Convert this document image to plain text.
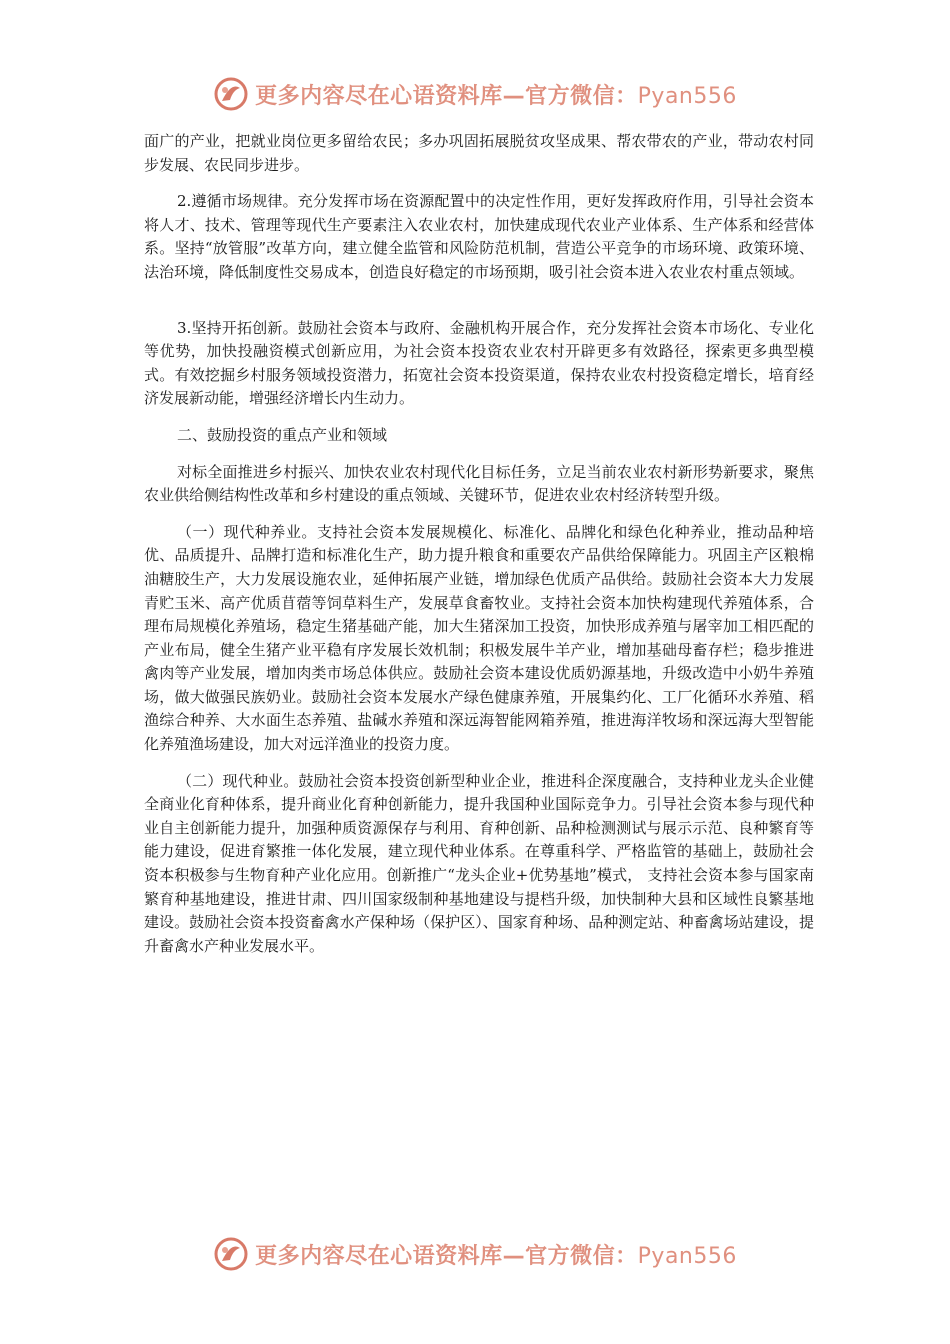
更多内容尽在心语资料库—官方微信：Pyan556

面广的产业，把就业岗位更多留给农民；多办巩固拓展脱贫攻坚成果、帮农带农的产业，带动农村同步发展、农民同步进步。

2.遵循市场规律。充分发挥市场在资源配置中的决定性作用，更好发挥政府作用，引导社会资本将人才、技术、管理等现代生产要素注入农业农村，加快建成现代农业产业体系、生产体系和经营体系。坚持“放管服”改革方向，建立健全监管和风险防范机制，营造公平竞争的市场环境、政策环境、法治环境，降低制度性交易成本，创造良好稳定的市场预期，吸引社会资本进入农业农村重点领域。

3.坚持开拓创新。鼓励社会资本与政府、金融机构开展合作，充分发挥社会资本市场化、专业化等优势，加快投融资模式创新应用，为社会资本投资农业农村开辟更多有效路径，探索更多典型模式。有效挖掘乡村服务领域投资潜力，拓宽社会资本投资渠道，保持农业农村投资稳定增长，培育经济发展新动能，增强经济增长内生动力。

二、鼓励投资的重点产业和领域

对标全面推进乡村振兴、加快农业农村现代化目标任务，立足当前农业农村新形势新要求，聚焦农业供给侧结构性改革和乡村建设的重点领域、关键环节，促进农业农村经济转型升级。

（一）现代种养业。支持社会资本发展规模化、标准化、品牌化和绿色化种养业，推动品种培优、品质提升、品牌打造和标准化生产，助力提升粮食和重要农产品供给保障能力。巩固主产区粮棉油糖胶生产，大力发展设施农业，延伸拓展产业链，增加绿色优质产品供给。鼓励社会资本大力发展青贮玉米、高产优质苜蓿等饲草料生产，发展草食畜牧业。支持社会资本加快构建现代养殖体系，合理布局规模化养殖场，稳定生猪基础产能，加大生猪深加工投资，加快形成养殖与屠宰加工相匹配的产业布局，健全生猪产业平稳有序发展长效机制；积极发展牛羊产业，增加基础母畜存栏；稳步推进禽肉等产业发展，增加肉类市场总体供应。鼓励社会资本建设优质奶源基地，升级改造中小奶牛养殖场，做大做强民族奶业。鼓励社会资本发展水产绿色健康养殖，开展集约化、工厂化循环水养殖、稻渔综合种养、大水面生态养殖、盐碱水养殖和深远海智能网箱养殖，推进海洋牧场和深远海大型智能化养殖渔场建设，加大对远洋渔业的投资力度。

（二）现代种业。鼓励社会资本投资创新型种业企业，推进科企深度融合，支持种业龙头企业健全商业化育种体系，提升商业化育种创新能力，提升我国种业国际竞争力。引导社会资本参与现代种业自主创新能力提升，加强种质资源保存与利用、育种创新、品种检测测试与展示示范、良种繁育等能力建设，促进育繁推一体化发展，建立现代种业体系。在尊重科学、严格监管的基础上，鼓励社会资本积极参与生物育种产业化应用。创新推广“龙头企业+优势基地”模式， 支持社会资本参与国家南繁育种基地建设，推进甘肃、四川国家级制种基地建设与提档升级，加快制种大县和区域性良繁基地建设。鼓励社会资本投资畜禽水产保种场（保护区）、国家育种场、品种测定站、种畜禽场站建设，提升畜禽水产种业发展水平。

更多内容尽在心语资料库—官方微信：Pyan556
